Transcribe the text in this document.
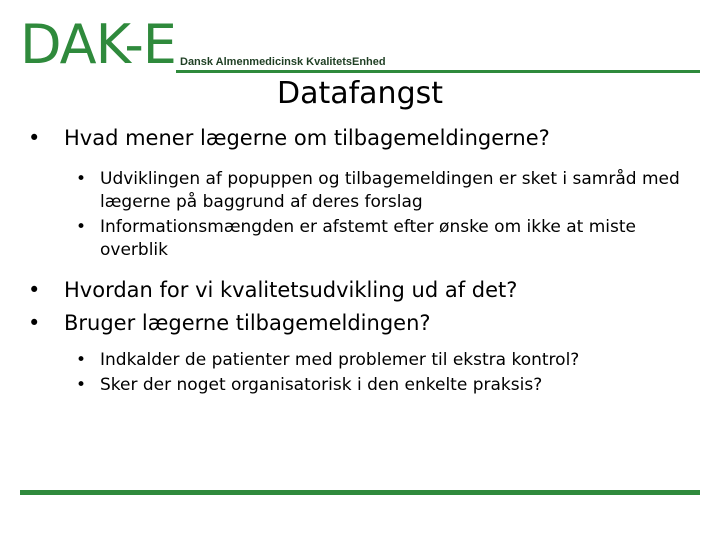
DAK-E Dansk Almenmedicinsk KvalitetsEnhed
Datafangst
•	Hvad mener lægerne om tilbagemeldingerne?
• Udviklingen af popuppen og tilbagemeldingen er sket i samråd med lægerne på baggrund af deres forslag
• Informationsmængden er afstemt efter ønske om ikke at miste overblik
•	Hvordan for vi kvalitetsudvikling ud af det?
•	Bruger lægerne tilbagemeldingen?
• Indkalder de patienter med problemer til ekstra kontrol?
• Sker der noget organisatorisk i den enkelte praksis?
